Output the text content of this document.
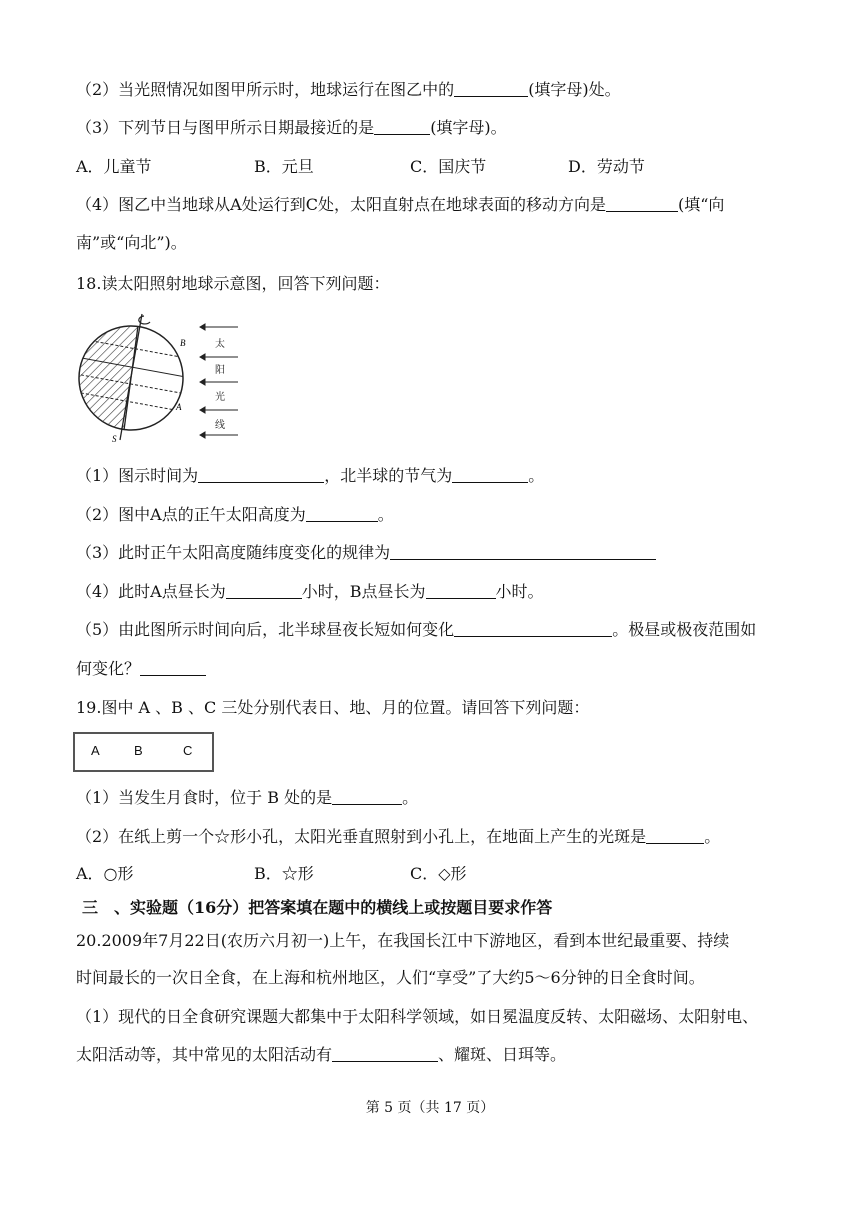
（2）当光照情况如图甲所示时，地球运行在图乙中的	(填字母)处。
（3）下列节日与图甲所示日期最接近的是	(填字母)。
A．儿童节	B．元旦	C．国庆节	D．劳动节
（4）图乙中当地球从A处运行到C处，太阳直射点在地球表面的移动方向是	(填“向
南”或“向北”)。
18.读太阳照射地球示意图，回答下列问题：
B
A
S
太
阳
光
线
（1）图示时间为	，北半球的节气为	。
（2）图中A点的正午太阳高度为	。
（3）此时正午太阳高度随纬度变化的规律为
（4）此时A点昼长为	小时，B点昼长为	小时。
（5）由此图所示时间向后，北半球昼夜长短如何变化	。极昼或极夜范围如
何变化？
19.图中 A 、B 、C 三处分别代表日、地、月的位置。请回答下列问题：
A	B	C
（1）当发生月食时，位于 B 处的是	。
（2）在纸上剪一个☆形小孔，太阳光垂直照射到小孔上，在地面上产生的光斑是	。
A．○形	B．☆形	C．◇形
三　、实验题（16分）把答案填在题中的横线上或按题目要求作答
20.2009年7月22日(农历六月初一)上午，在我国长江中下游地区，看到本世纪最重要、持续
时间最长的一次日全食，在上海和杭州地区，人们“享受”了大约5～6分钟的日全食时间。
（1）现代的日全食研究课题大都集中于太阳科学领域，如日冕温度反转、太阳磁场、太阳射电、
太阳活动等，其中常见的太阳活动有	、耀斑、日珥等。
第 5 页（共 17 页）
